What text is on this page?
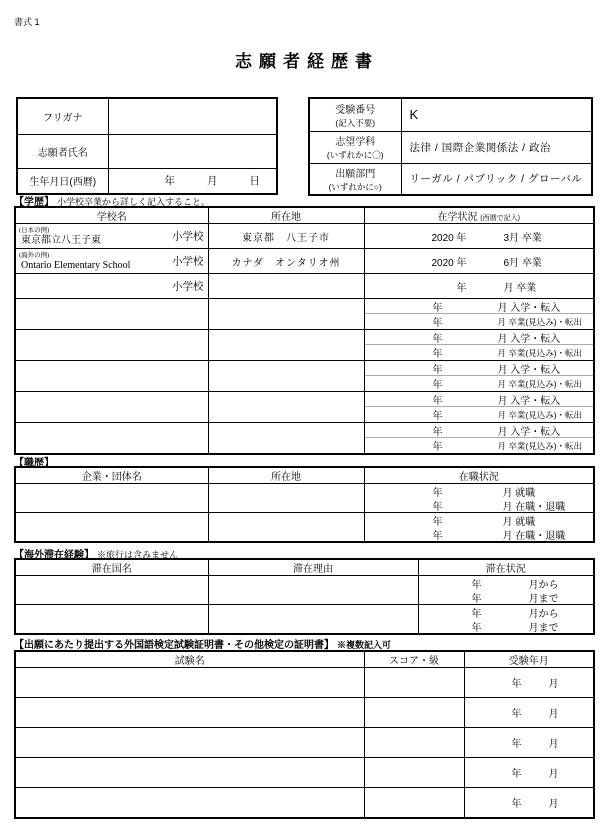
書式 1
志願者経歴書
フリガナ	
志願者氏名	
生年月日(西暦)	年 月 日
受験番号
(記入不要)	K
志望学科
(いずれかに〇)	法律 / 国際企業関係法 / 政治
出願部門
(いずれかに○)	リーガル / パブリック / グローバル
【学歴】 小学校卒業から詳しく記入すること。
学校名	所在地	在学状況 (西暦で記入)

(日本の例)
東京都立八王子東 小学校	東京都　八王子市	2020 年 3月 卒業

(海外の例)
Ontario Elementary School 小学校	カナダ　オンタリオ州	2020 年 6月 卒業

小学校		年 月 卒業

		年 月 入学・転入
年 月 卒業(見込み)・転出

		年 月 入学・転入
年 月 卒業(見込み)・転出

		年 月 入学・転入
年 月 卒業(見込み)・転出

		年 月 入学・転入
年 月 卒業(見込み)・転出

		年 月 入学・転入
年 月 卒業(見込み)・転出
【職歴】
企業・団体名	所在地	在職状況

		年 月 就職
年 月 在職・退職

		年 月 就職
年 月 在職・退職
【海外滞在経験】 ※旅行は含みません
滞在国名	滞在理由	滞在状況

		年 月から
年 月まで

		年 月から
年 月まで
【出願にあたり提出する外国語検定試験証明書・その他検定の証明書】 ※複数記入可
試験名	スコア・級	受験年月

		年 月

		年 月

		年 月

		年 月

		年 月
